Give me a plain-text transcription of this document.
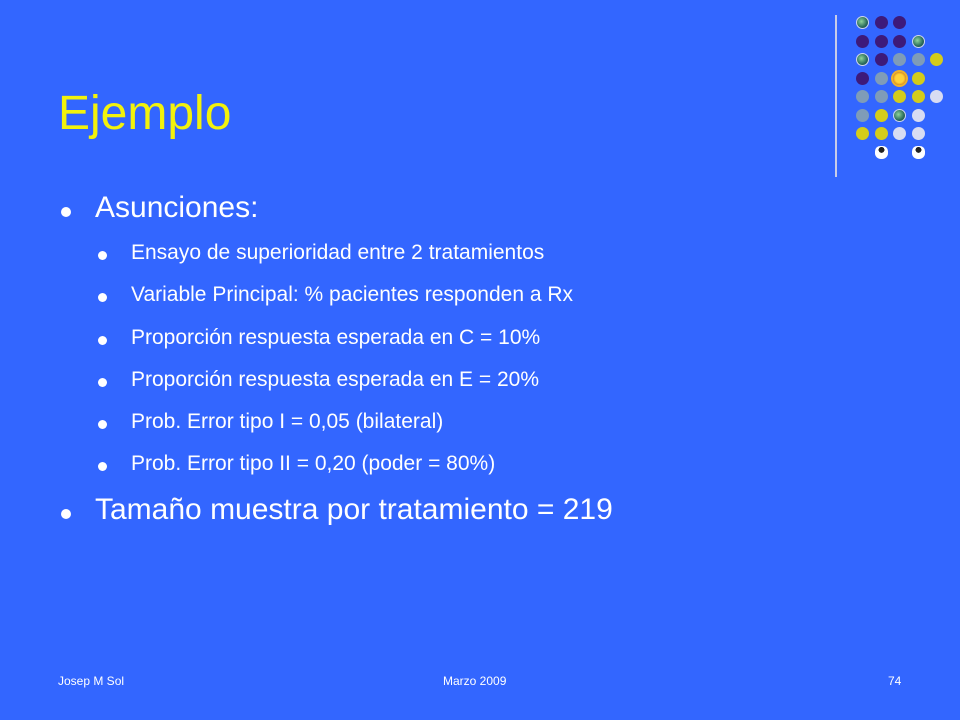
Ejemplo
Asunciones:
Ensayo de superioridad entre 2 tratamientos
Variable Principal: % pacientes responden a Rx
Proporción respuesta esperada en C = 10%
Proporción respuesta esperada en E = 20%
Prob. Error tipo I = 0,05 (bilateral)
Prob. Error tipo II = 0,20 (poder = 80%)
Tamaño muestra por tratamiento = 219
Josep M Sol	Marzo 2009	74
